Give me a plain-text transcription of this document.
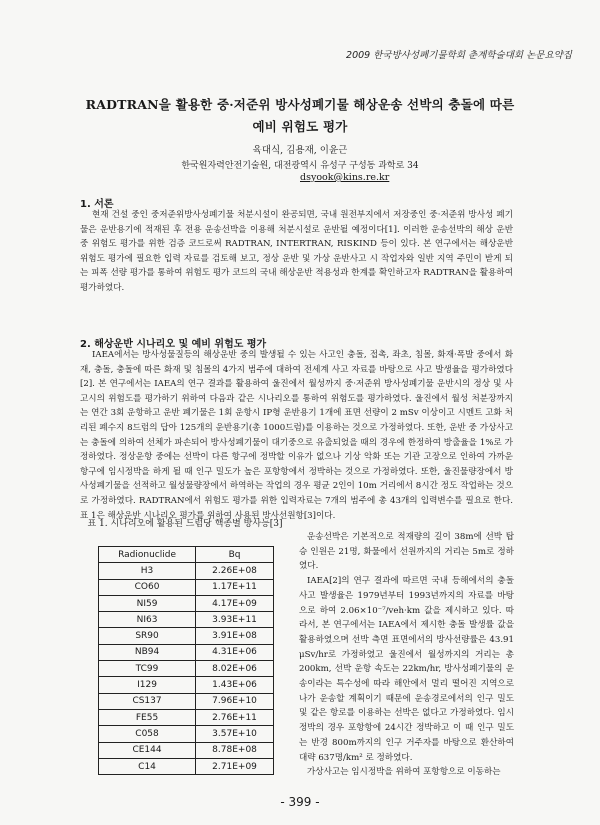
2009 한국방사성폐기물학회 춘계학술대회 논문요약집
RADTRAN을 활용한 중·저준위 방사성폐기물 해상운송 선박의 충돌에 따른
예비 위험도 평가
육대식, 김용재, 이윤근
한국원자력안전기술원, 대전광역시 유성구 구성동 과학로 34
dsyook@kins.re.kr
1. 서론
현재 건설 중인 중저준위방사성폐기물 처분시설이 완공되면, 국내 원전부지에서 저장중인 중·저준위 방사성 폐기물은 운반용기에 적재된 후 전용 운송선박을 이용해 처분시설로 운반될 예정이다[1]. 이러한 운송선박의 해상 운반 중 위험도 평가를 위한 검증 코드로써 RADTRAN, INTERTRAN, RISKIND 등이 있다. 본 연구에서는 해상운반 위험도 평가에 필요한 입력 자료를 검토해 보고, 정상 운반 및 가상 운반사고 시 작업자와 일반 지역 주민이 받게 되는 피폭 선량 평가를 통하여 위험도 평가 코드의 국내 해상운반 적용성과 한계를 확인하고자 RADTRAN을 활용하여 평가하였다.
2. 해상운반 시나리오 및 예비 위험도 평가
IAEA에서는 방사성물질등의 해상운반 중의 발생될 수 있는 사고인 충돌, 접촉, 좌초, 침몰, 화재·폭발 중에서 화재, 충돌, 충돌에 따른 화재 및 침몰의 4가지 범주에 대하여 전세계 사고 자료를 바탕으로 사고 발생율을 평가하였다[2]. 본 연구에서는 IAEA의 연구 결과를 활용하여 울진에서 월성까지 중·저준위 방사성폐기물 운반시의 정상 및 사고시의 위험도를 평가하기 위하여 다음과 같은 시나리오를 통하여 위험도를 평가하였다. 울진에서 월성 처분장까지는 연간 3회 운항하고 운반 폐기물은 1회 운항시 IP형 운반용기 1개에 표면 선량이 2 mSv 이상이고 시멘트 고화 처리된 폐수지 8드럼의 답아 125개의 운반용기(총 1000드럼)를 이용하는 것으로 가정하였다. 또한, 운반 중 가상사고는 충돌에 의하여 선체가 파손되어 방사성폐기물이 대기중으로 유출되었을 때의 경우에 한정하여 방출율을 1%로 가정하였다. 정상운항 중에는 선박이 다른 항구에 정박할 이유가 없으나 기상 악화 또는 기관 고장으로 인하여 가까운 항구에 임시정박을 하게 될 때 인구 밀도가 높은 포항항에서 정박하는 것으로 가정하였다. 또한, 울진물량장에서 방사성폐기물을 선적하고 월성물량장에서 하역하는 작업의 경우 평균 2인이 10m 거리에서 8시간 정도 작업하는 것으로 가정하였다. RADTRAN에서 위험도 평가를 위한 입력자료는 7개의 범주에 총 43개의 입력변수를 필요로 한다. 표 1은 해상운반 시나리오 평가를 위하여 사용된 방사선원항[3]이다.
표 1. 시나리오에 활용된 드럼당 핵종별 방사능[3]
Radionuclide	Bq
H3	2.26E+08
CO60	1.17E+11
NI59	4.17E+09
NI63	3.93E+11
SR90	3.91E+08
NB94	4.31E+06
TC99	8.02E+06
I129	1.43E+06
CS137	7.96E+10
FE55	2.76E+11
C058	3.57E+10
CE144	8.78E+08
C14	2.71E+09

운송선박은 기본적으로 적재량의 길이 38m에 선박 탑승 인원은 21명, 화물에서 선원까지의 거리는 5m로 정하였다.

IAEA[2]의 연구 결과에 따르면 국내 등해에서의 충돌 사고 발생율은 1979년부터 1993년까지의 자료를 바탕으로 하여 2.06×10⁻⁷/veh·km 값을 제시하고 있다. 따라서, 본 연구에서는 IAEA에서 제시한 충돌 발생률 값을 활용하였으며 선박 측면 표면에서의 방사선량률은 43.91 μSv/hr로 가정하였고 울진에서 월성까지의 거리는 총 200km, 선박 운항 속도는 22km/hr, 방사성폐기물의 운송이라는 특수성에 따라 해안에서 멀리 떨어진 지역으로 나가 운송할 계획이기 때문에 운송경로에서의 인구 밀도 및 같은 항로를 이용하는 선박은 없다고 가정하였다. 임시 정박의 경우 포항항에 24시간 정박하고 이 때 인구 밀도는 반경 800m까지의 인구 거주자를 바탕으로 환산하여 대략 637명/km² 로 정하였다.

가상사고는 임시정박을 위하여 포항항으로 이동하는

- 399 -
